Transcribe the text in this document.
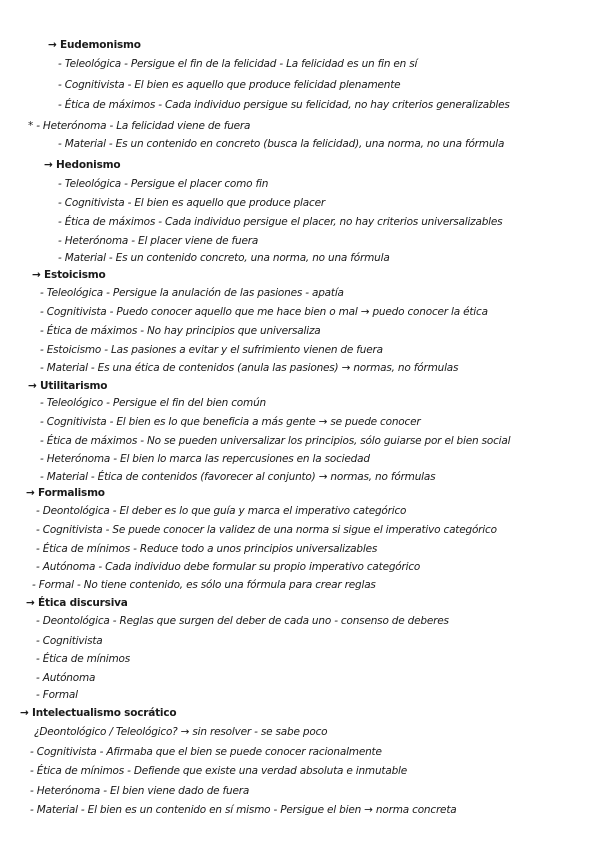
→ Eudemonismo
- Teleológica - Persigue el fin de la felicidad - La felicidad es un fin en sí
- Cognitivista - El bien es aquello que produce felicidad plenamente
- Ética de máximos - Cada individuo persigue su felicidad, no hay criterios generalizables
* - Heterónoma - La felicidad viene de fuera
- Material - Es un contenido en concreto (busca la felicidad), una norma, no una fórmula
→ Hedonismo
- Teleológica - Persigue el placer como fin
- Cognitivista - El bien es aquello que produce placer
- Ética de máximos - Cada individuo persigue el placer, no hay criterios universalizables
- Heterónoma - El placer viene de fuera
- Material - Es un contenido concreto, una norma, no una fórmula
→ Estoicismo
- Teleológica - Persigue la anulación de las pasiones - apatía
- Cognitivista - Puedo conocer aquello que me hace bien o mal → puedo conocer la ética
- Ética de máximos - No hay principios que universaliza
- Estoicismo - Las pasiones a evitar y el sufrimiento vienen de fuera
- Material - Es una ética de contenidos (anula las pasiones) → normas, no fórmulas
→ Utilitarismo
- Teleológico - Persigue el fin del bien común
- Cognitivista - El bien es lo que beneficia a más gente → se puede conocer
- Ética de máximos - No se pueden universalizar los principios, sólo guiarse por el bien social
- Heterónoma - El bien lo marca las repercusiones en la sociedad
- Material - Ética de contenidos (favorecer al conjunto) → normas, no fórmulas
→ Formalismo
- Deontológica - El deber es lo que guía y marca el imperativo categórico
- Cognitivista - Se puede conocer la validez de una norma si sigue el imperativo categórico
- Ética de mínimos - Reduce todo a unos principios universalizables
- Autónoma - Cada individuo debe formular su propio imperativo categórico
- Formal - No tiene contenido, es sólo una fórmula para crear reglas
→ Ética discursiva
- Deontológica - Reglas que surgen del deber de cada uno - consenso de deberes
- Cognitivista
- Ética de mínimos
- Autónoma
- Formal
→ Intelectualismo socrático
¿Deontológico / Teleológico? → sin resolver - se sabe poco
- Cognitivista - Afirmaba que el bien se puede conocer racionalmente
- Ética de mínimos - Defiende que existe una verdad absoluta e inmutable
- Heterónoma - El bien viene dado de fuera
- Material - El bien es un contenido en sí mismo - Persigue el bien → norma concreta
